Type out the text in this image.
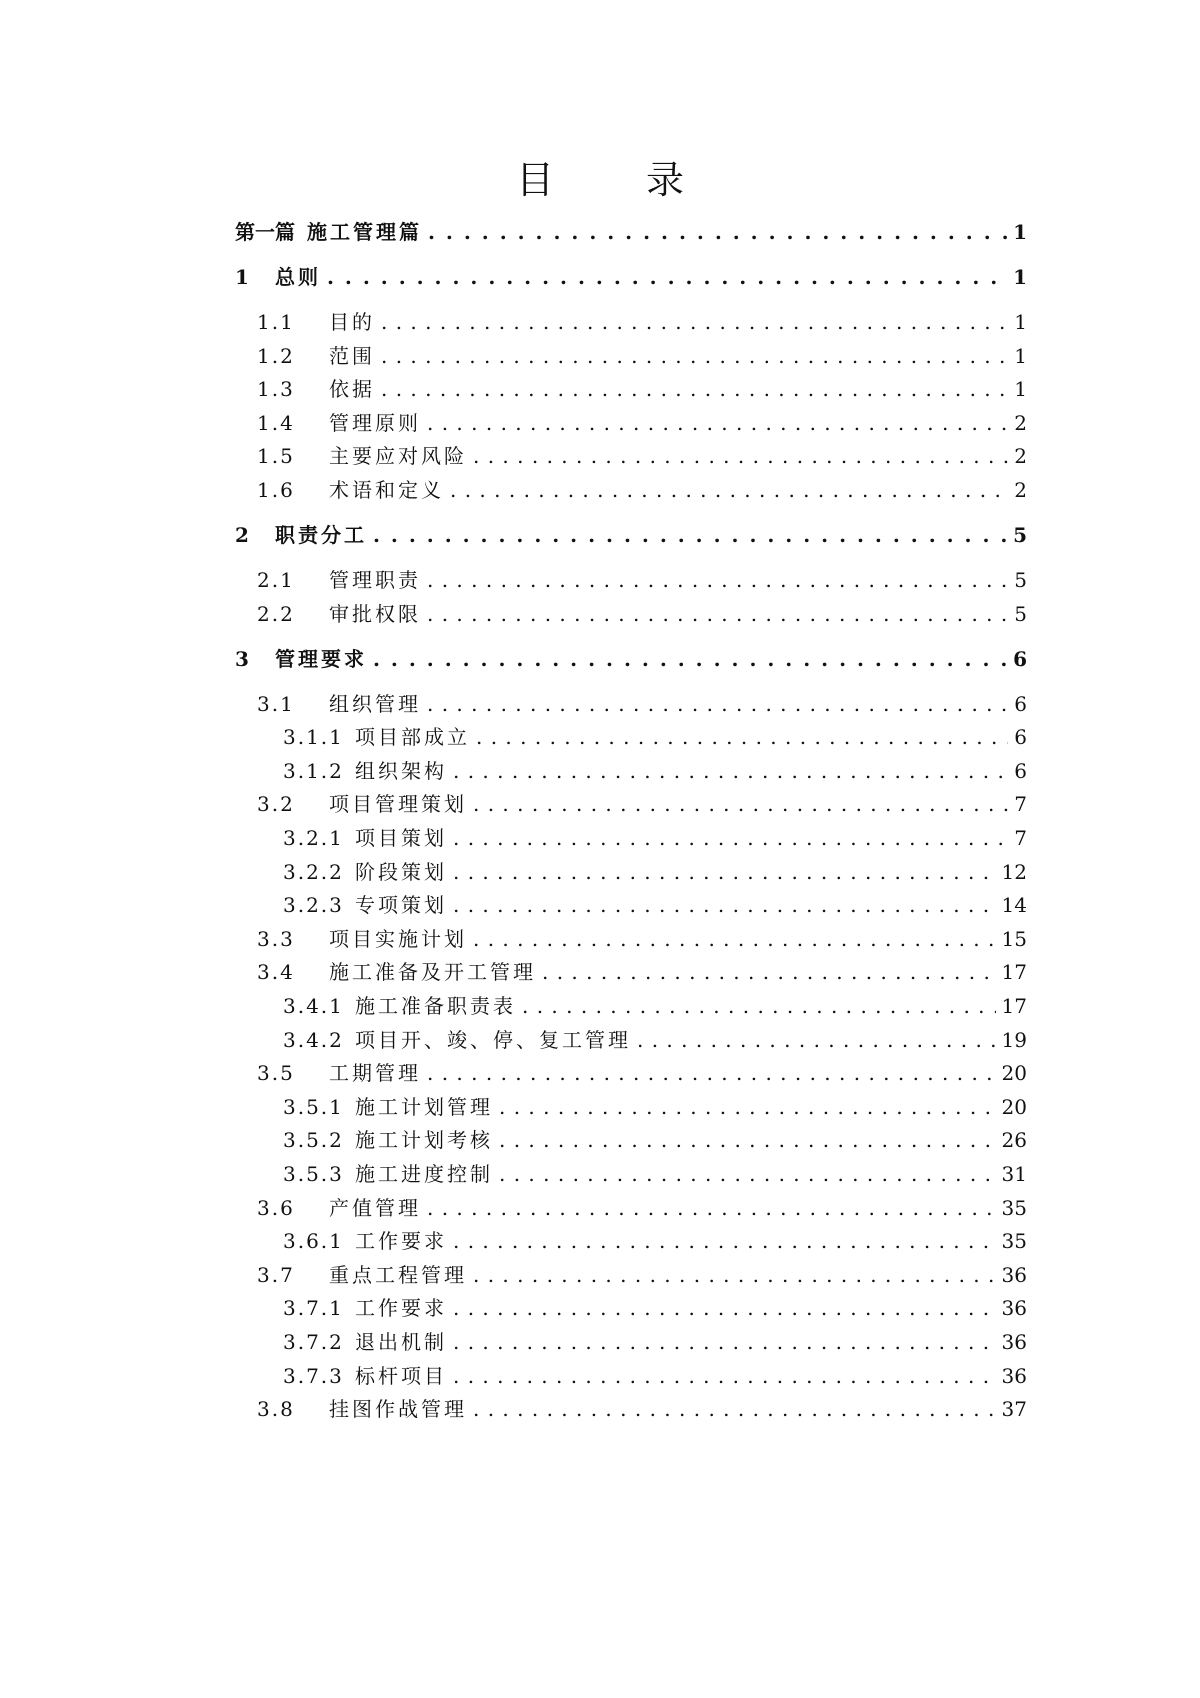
目 录
第一篇 施工管理篇 . . .	1
1	总则 . . .	1
1.1	目的 . . .	1
1.2	范围 . . .	1
1.3	依据 . . .	1
1.4	管理原则 . . .	2
1.5	主要应对风险 . . .	2
1.6	术语和定义 . . .	2
2	职责分工 . . .	5
2.1	管理职责 . . .	5
2.2	审批权限 . . .	5
3	管理要求 . . .	6
3.1	组织管理 . . .	6
3.1.1 项目部成立 . . .	6
3.1.2 组织架构 . . .	6
3.2	项目管理策划 . . .	7
3.2.1 项目策划 . . .	7
3.2.2 阶段策划 . . .	12
3.2.3 专项策划 . . .	14
3.3	项目实施计划 . . .	15
3.4	施工准备及开工管理 . . .	17
3.4.1 施工准备职责表 . . .	17
3.4.2 项目开、竣、停、复工管理 . . .	19
3.5	工期管理 . . .	20
3.5.1 施工计划管理 . . .	20
3.5.2 施工计划考核 . . .	26
3.5.3 施工进度控制 . . .	31
3.6	产值管理 . . .	35
3.6.1 工作要求 . . .	35
3.7	重点工程管理 . . .	36
3.7.1 工作要求 . . .	36
3.7.2 退出机制 . . .	36
3.7.3 标杆项目 . . .	36
3.8	挂图作战管理 . . .	37
